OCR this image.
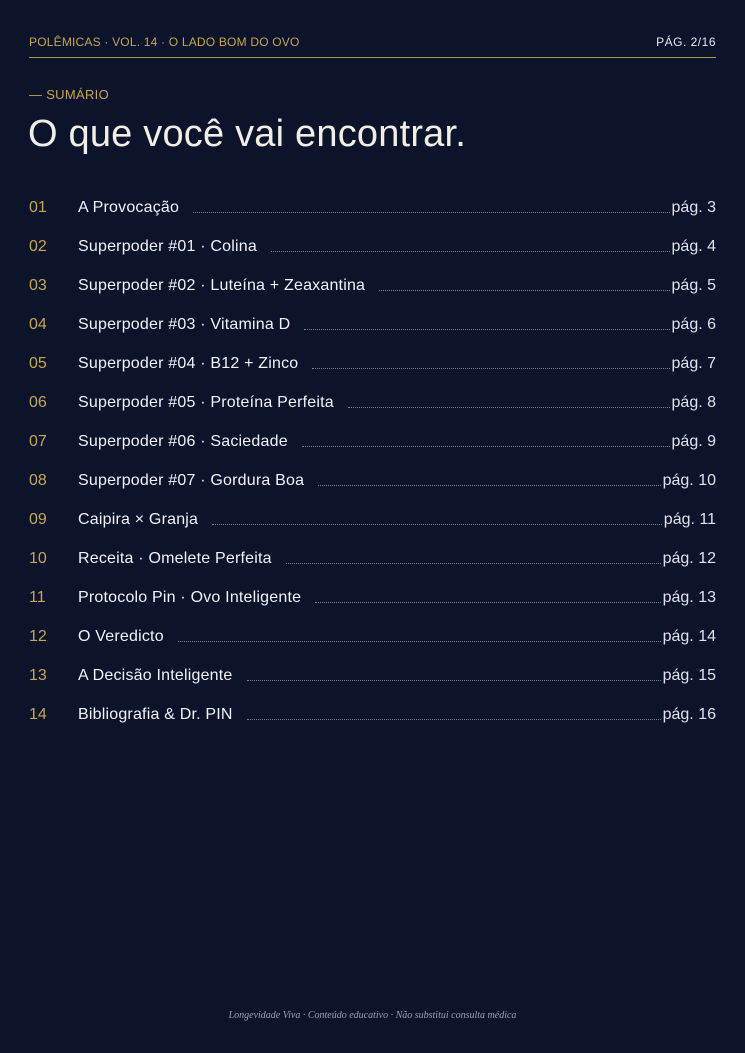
POLÊMICAS · VOL. 14 · O LADO BOM DO OVO	PÁG. 2/16
— SUMÁRIO
O que você vai encontrar.
01	A Provocação	pág. 3
02	Superpoder #01 · Colina	pág. 4
03	Superpoder #02 · Luteína + Zeaxantina	pág. 5
04	Superpoder #03 · Vitamina D	pág. 6
05	Superpoder #04 · B12 + Zinco	pág. 7
06	Superpoder #05 · Proteína Perfeita	pág. 8
07	Superpoder #06 · Saciedade	pág. 9
08	Superpoder #07 · Gordura Boa	pág. 10
09	Caipira × Granja	pág. 11
10	Receita · Omelete Perfeita	pág. 12
11	Protocolo Pin · Ovo Inteligente	pág. 13
12	O Veredicto	pág. 14
13	A Decisão Inteligente	pág. 15
14	Bibliografia & Dr. PIN	pág. 16
Longevidade Viva · Conteúdo educativo · Não substitui consulta médica
